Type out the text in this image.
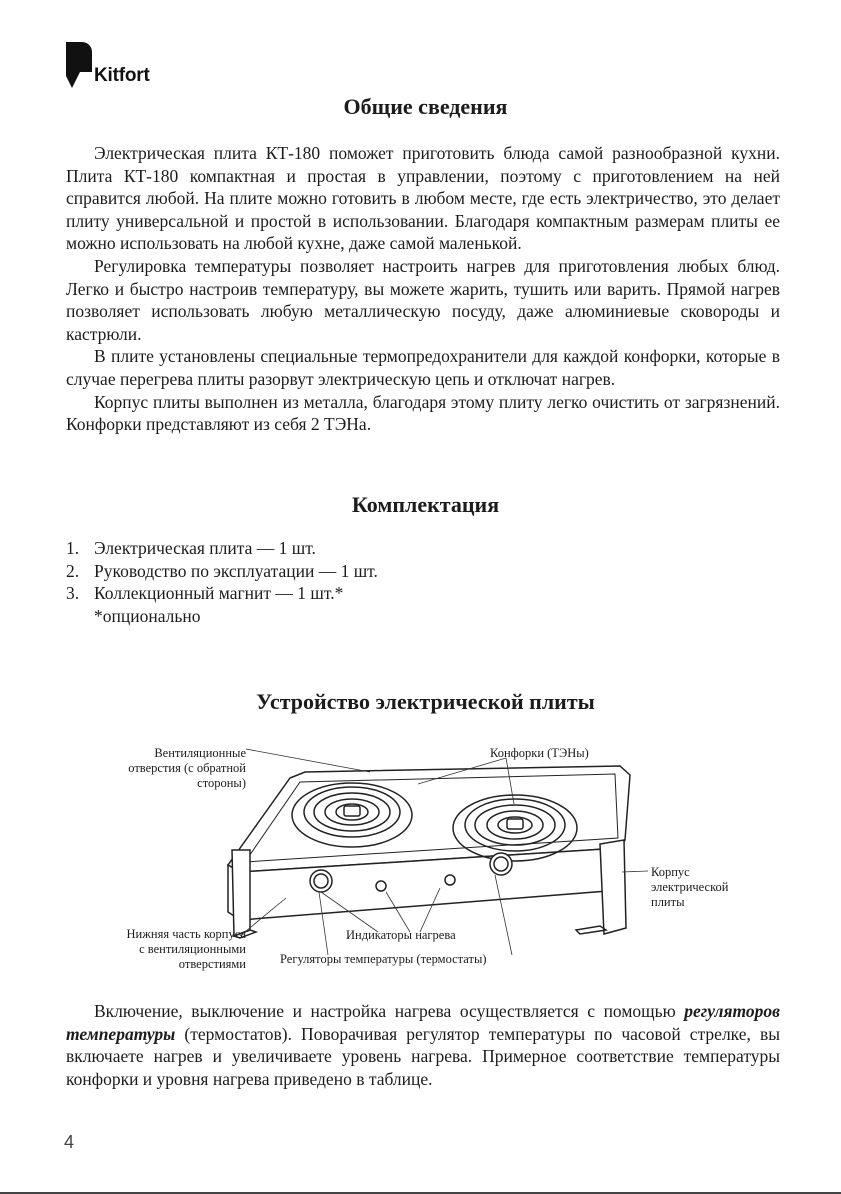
Kitfort
Общие сведения

Электрическая плита КТ-180 поможет приготовить блюда самой разнообразной кухни. Плита КТ-180 компактная и простая в управлении, поэтому с приготовлением на ней справится любой. На плите можно готовить в любом месте, где есть электричество, это делает плиту универсальной и простой в использовании. Благодаря компактным размерам плиты ее можно использовать на любой кухне, даже самой маленькой.

Регулировка температуры позволяет настроить нагрев для приготовления любых блюд. Легко и быстро настроив температуру, вы можете жарить, тушить или варить. Прямой нагрев позволяет использовать любую металлическую посуду, даже алюминиевые сковороды и кастрюли.

В плите установлены специальные термопредохранители для каждой конфорки, которые в случае перегрева плиты разорвут электрическую цепь и отключат нагрев.

Корпус плиты выполнен из металла, благодаря этому плиту легко очистить от загрязнений. Конфорки представляют из себя 2 ТЭНа.

Комплектация
1. Электрическая плита — 1 шт.
2. Руководство по эксплуатации — 1 шт.
3. Коллекционный магнит — 1 шт.*
*опционально
Устройство электрической плиты
Вентиляционные
отверстия (с обратной
стороны)
Конфорки (ТЭНы)
Корпус
электрической
плиты
Нижняя часть корпуса
с вентиляционными
отверстиями
Индикаторы нагрева
Регуляторы температуры (термостаты)

Включение, выключение и настройка нагрева осуществляется с помощью регуляторов температуры (термостатов). Поворачивая регулятор температуры по часовой стрелке, вы включаете нагрев и увеличиваете уровень нагрева. Примерное соответствие температуры конфорки и уровня нагрева приведено в таблице.

4
